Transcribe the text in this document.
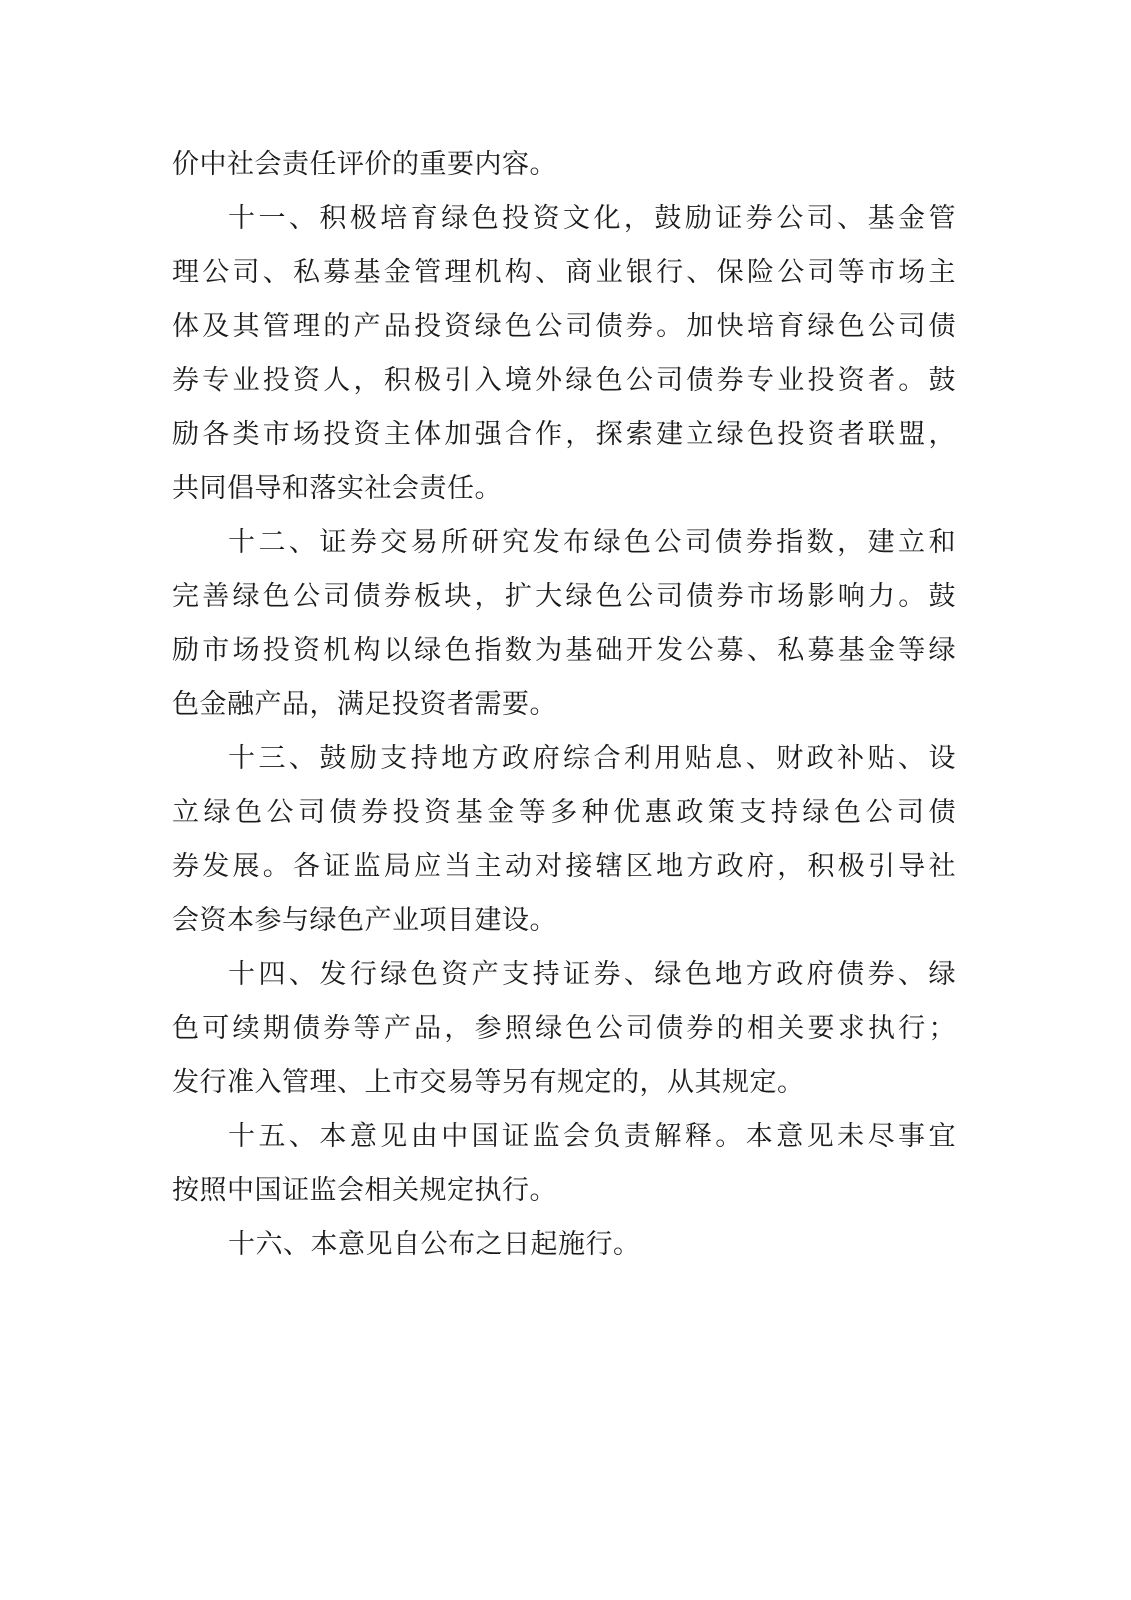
价中社会责任评价的重要内容。
十一、积极培育绿色投资文化，鼓励证券公司、基金管
理公司、私募基金管理机构、商业银行、保险公司等市场主
体及其管理的产品投资绿色公司债券。加快培育绿色公司债
券专业投资人，积极引入境外绿色公司债券专业投资者。鼓
励各类市场投资主体加强合作，探索建立绿色投资者联盟，
共同倡导和落实社会责任。
十二、证券交易所研究发布绿色公司债券指数，建立和
完善绿色公司债券板块，扩大绿色公司债券市场影响力。鼓
励市场投资机构以绿色指数为基础开发公募、私募基金等绿
色金融产品，满足投资者需要。
十三、鼓励支持地方政府综合利用贴息、财政补贴、设
立绿色公司债券投资基金等多种优惠政策支持绿色公司债
券发展。各证监局应当主动对接辖区地方政府，积极引导社
会资本参与绿色产业项目建设。
十四、发行绿色资产支持证券、绿色地方政府债券、绿
色可续期债券等产品，参照绿色公司债券的相关要求执行；
发行准入管理、上市交易等另有规定的，从其规定。
十五、本意见由中国证监会负责解释。本意见未尽事宜
按照中国证监会相关规定执行。
十六、本意见自公布之日起施行。
